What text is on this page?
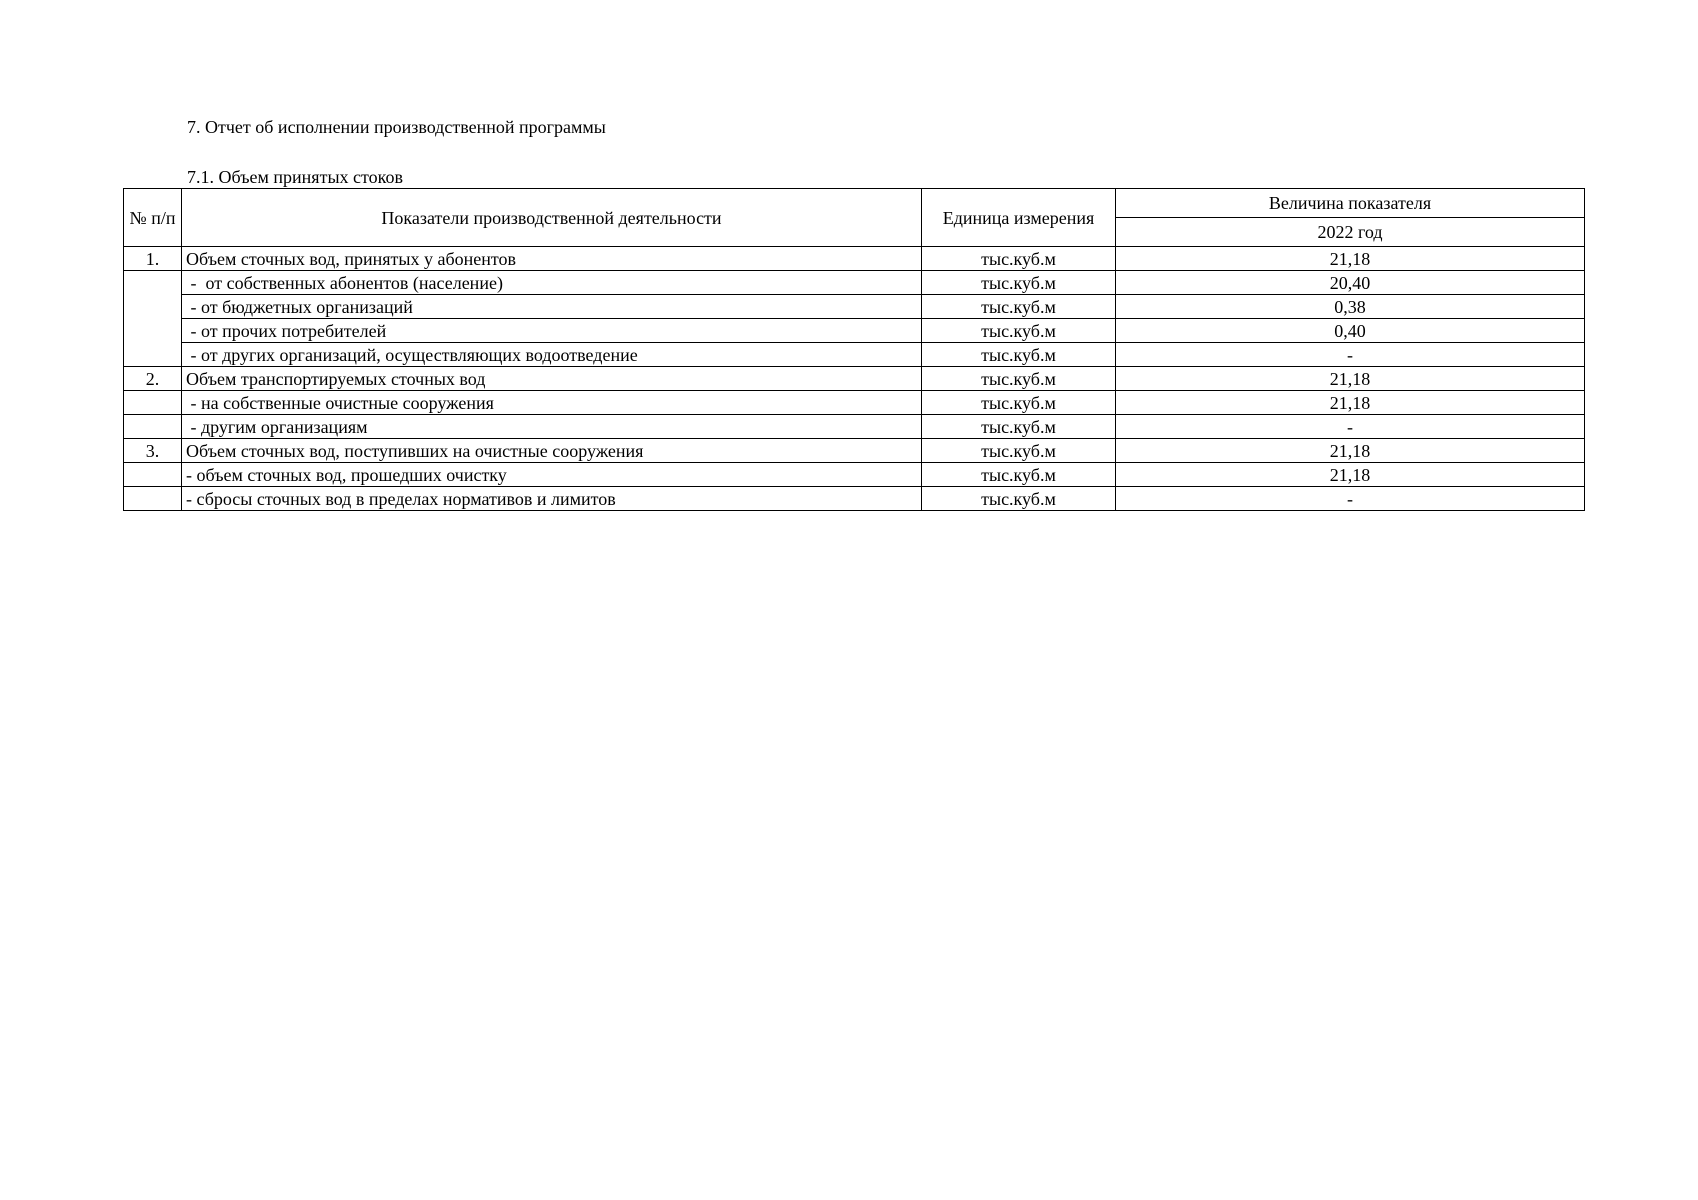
7. Отчет об исполнении производственной программы
7.1. Объем принятых стоков
№ п/п	Показатели производственной деятельности	Единица измерения	Величина показателя
			2022 год
1.	Объем сточных вод, принятых у абонентов	тыс.куб.м	21,18
	-  от собственных абонентов (население)	тыс.куб.м	20,40
	- от бюджетных организаций	тыс.куб.м	0,38
	- от прочих потребителей	тыс.куб.м	0,40
	- от других организаций, осуществляющих водоотведение	тыс.куб.м	-
2.	Объем транспортируемых сточных вод	тыс.куб.м	21,18
	- на собственные очистные сооружения	тыс.куб.м	21,18
	- другим организациям	тыс.куб.м	-
3.	Объем сточных вод, поступивших на очистные сооружения	тыс.куб.м	21,18
	- объем сточных вод, прошедших очистку	тыс.куб.м	21,18
	- сбросы сточных вод в пределах нормативов и лимитов	тыс.куб.м	-
